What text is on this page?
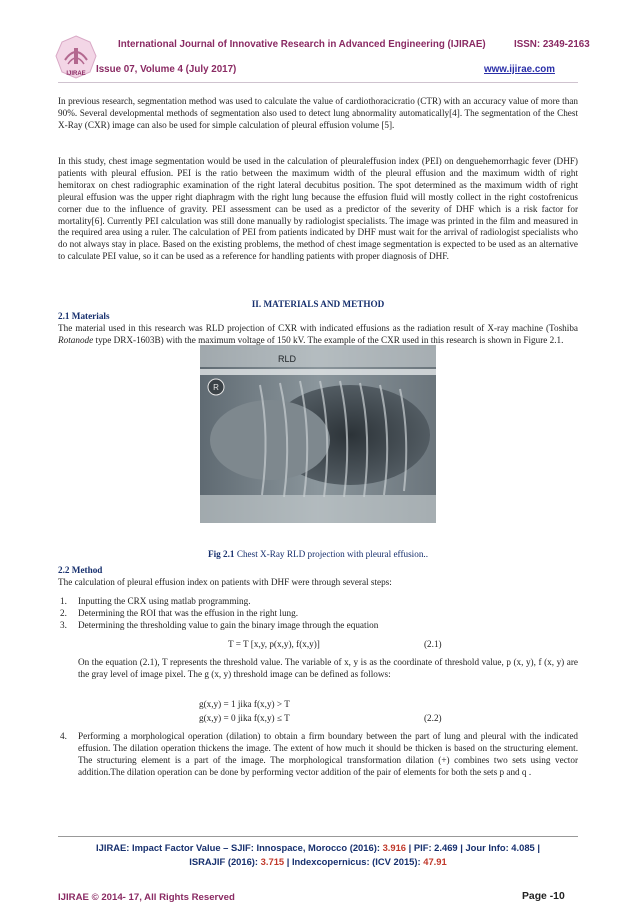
IJIRAE
International Journal of Innovative Research in Advanced Engineering (IJIRAE)	ISSN: 2349-2163
Issue 07, Volume 4 (July 2017)	www.ijirae.com
In previous research, segmentation method was used to calculate the value of cardiothoracicratio (CTR) with an accuracy value of more than 90%. Several developmental methods of segmentation also used to detect lung abnormality automatically[4]. The segmentation of the Chest X-Ray (CXR) image can also be used for simple calculation of pleural effusion volume [5].
In this study, chest image segmentation would be used in the calculation of pleuraleffusion index (PEI) on denguehemorrhagic fever (DHF) patients with pleural effusion. PEI is the ratio between the maximum width of the pleural effusion and the maximum width of right hemitorax on chest radiographic examination of the right lateral decubitus position. The spot determined as the maximum width of right pleural effusion was the upper right diaphragm with the right lung because the effusion fluid will mostly collect in the right costofrenicus corner due to the influence of gravity. PEI assessment can be used as a predictor of the severity of DHF which is a risk factor for mortality[6]. Currently PEI calculation was still done manually by radiologist specialists. The image was printed in the film and measured in the required area using a ruler. The calculation of PEI from patients indicated by DHF must wait for the arrival of radiologist specialists who do not always stay in place. Based on the existing problems, the method of chest image segmentation is expected to be used as an alternative to calculate PEI value, so it can be used as a reference for handling patients with proper diagnosis of DHF.
II. MATERIALS AND METHOD
2.1 Materials
The material used in this research was RLD projection of CXR with indicated effusions as the radiation result of X-ray machine (Toshiba Rotanode type DRX-1603B) with the maximum voltage of 150 kV. The example of the CXR used in this research is shown in Figure 2.1.
R
RLD
Fig 2.1 Chest X-Ray RLD projection with pleural effusion..
2.2 Method
The calculation of pleural effusion index on patients with DHF were through several steps:
1. Inputting the CRX using matlab programming.
2. Determining the ROI that was the effusion in the right lung.
3. Determining the thresholding value to gain the binary image through the equation
T = T [x,y, p(x,y), f(x,y)]	(2.1)
On the equation (2.1), T represents the threshold value. The variable of x, y is as the coordinate of threshold value, p (x, y), f (x, y) are the gray level of image pixel. The g (x, y) threshold image can be defined as follows:
g(x,y) = 1 jika f(x,y) > T
g(x,y) = 0 jika f(x,y) ≤ T	(2.2)
4. Performing a morphological operation (dilation) to obtain a firm boundary between the part of lung and pleural with the indicated effusion. The dilation operation thickens the image. The extent of how much it should be thicken is based on the structuring element. The structuring element is a part of the image. The morphological transformation dilation (+) combines two sets using vector addition.The dilation operation can be done by performing vector addition of the pair of elements for both the sets p and q .
IJIRAE: Impact Factor Value – SJIF: Innospace, Morocco (2016): 3.916 | PIF: 2.469 | Jour Info: 4.085 |
ISRAJIF (2016): 3.715 | Indexcopernicus: (ICV 2015): 47.91
IJIRAE © 2014- 17, All Rights Reserved	Page -10
